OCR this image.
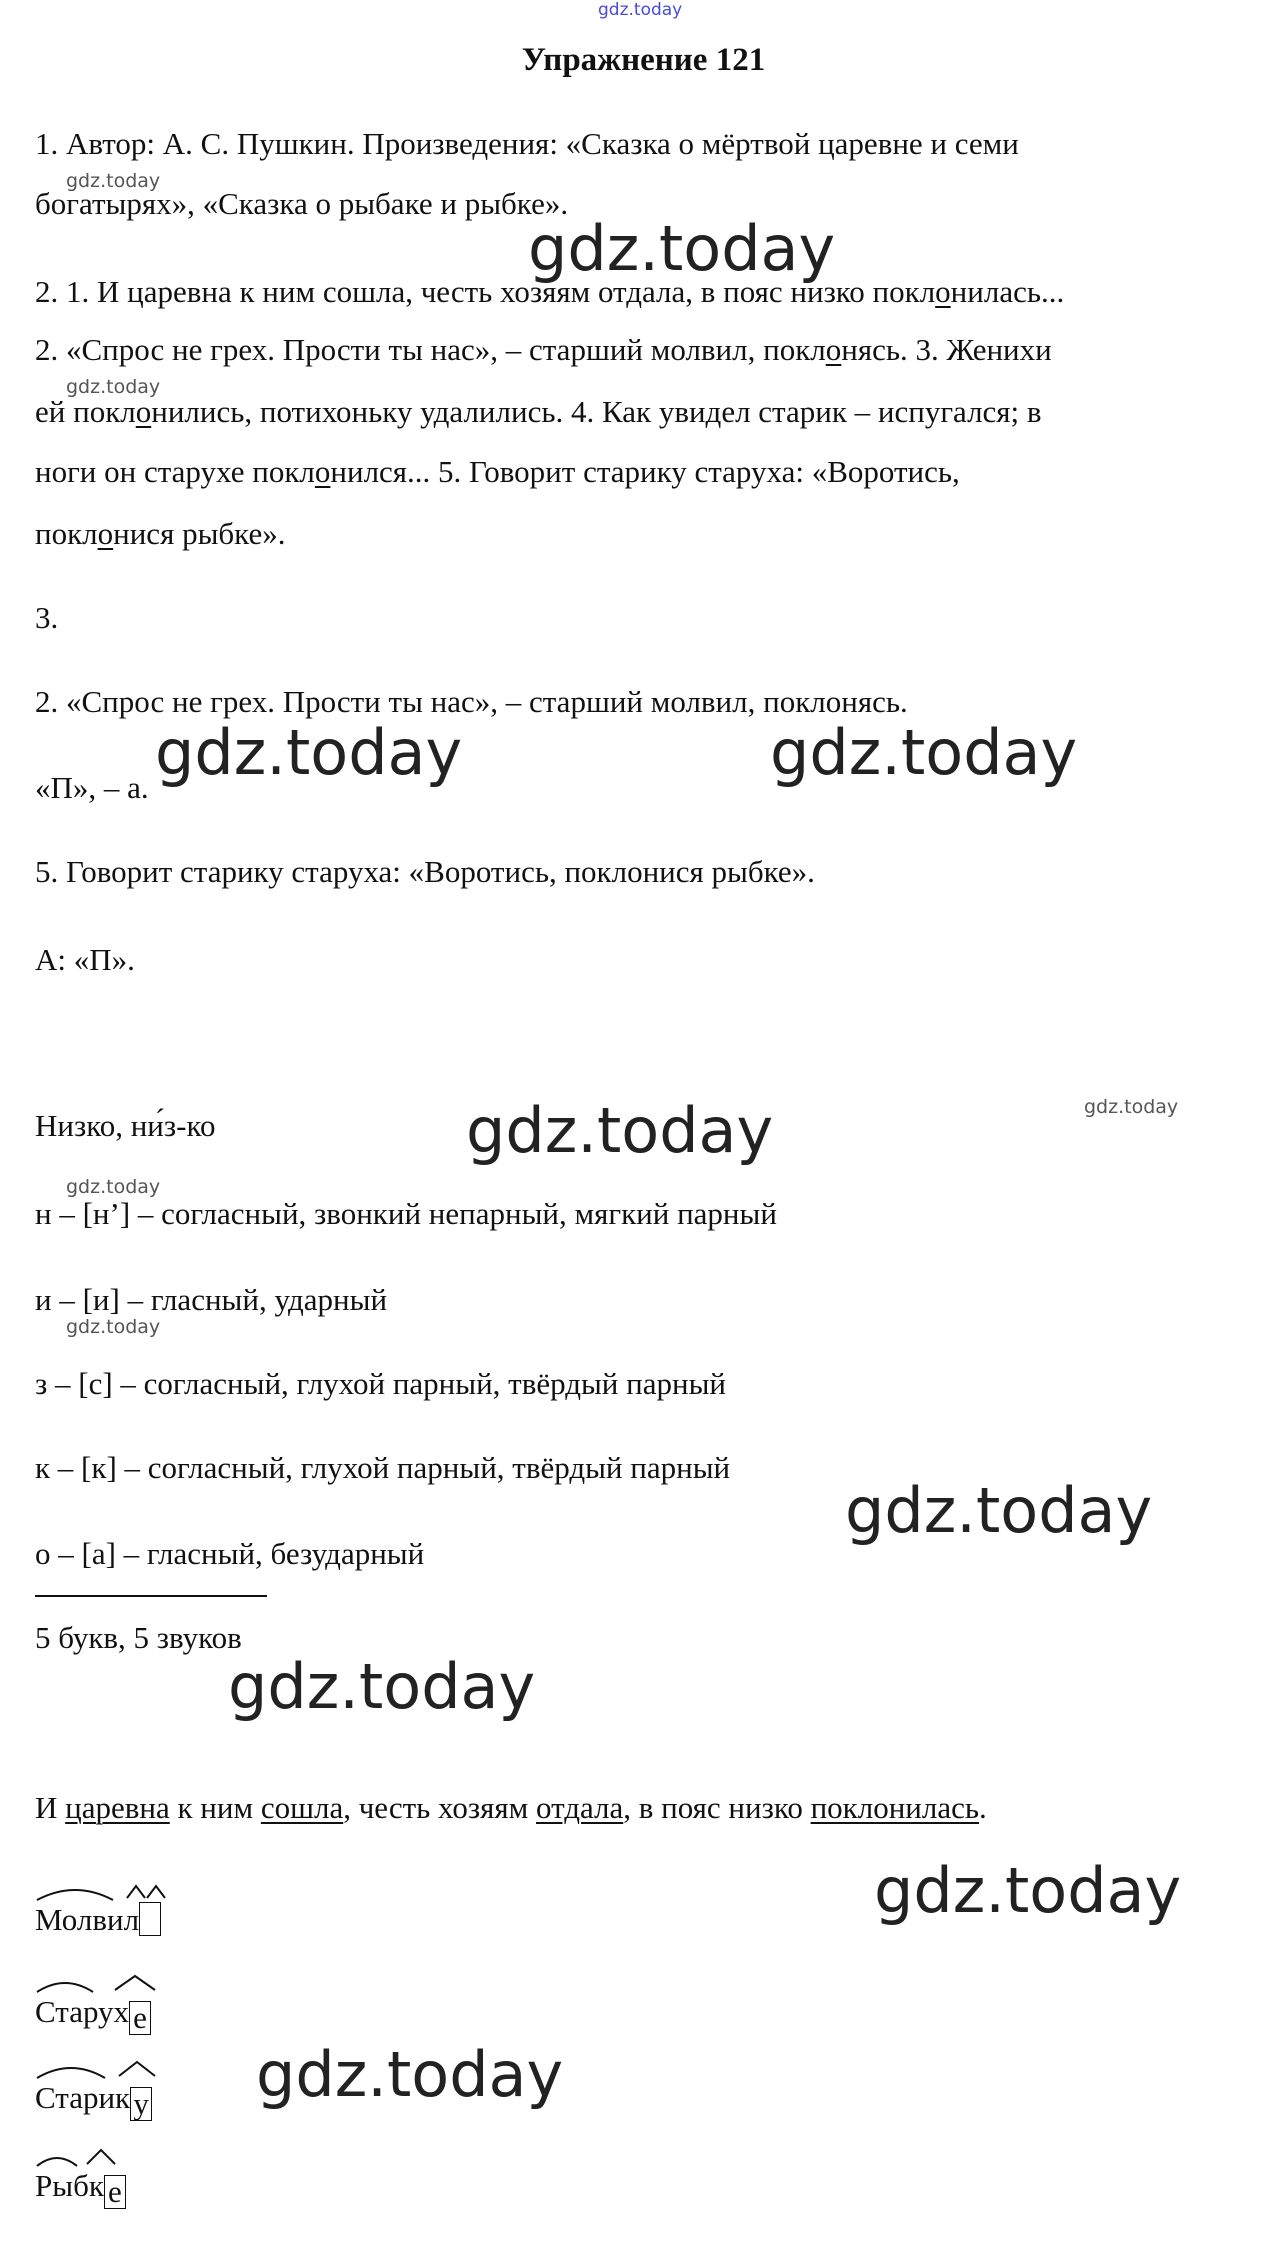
gdz.today
Упражнение 121
1. Автор: А. С. Пушкин. Произведения: «Сказка о мёртвой царевне и семи
богатырях», «Сказка о рыбаке и рыбке».
2. 1. И царевна к ним сошла, честь хозяям отдала, в пояс низко поклонилась...
2. «Спрос не грех. Прости ты нас», – старший молвил, поклонясь. 3. Женихи
ей поклонились, потихоньку удалились. 4. Как увидел старик – испугался; в
ноги он старухе поклонился... 5. Говорит старику старуха: «Воротись,
поклонися рыбке».
3.
2. «Спрос не грех. Прости ты нас», – старший молвил, поклонясь.
«П», – а.
5. Говорит старику старуха: «Воротись, поклонися рыбке».
А: «П».
Низко, ни́з-ко
н – [н’] – согласный, звонкий непарный, мягкий парный
и – [и] – гласный, ударный
з – [с] – согласный, глухой парный, твёрдый парный
к – [к] – согласный, глухой парный, твёрдый парный
о – [а] – гласный, безударный
5 букв, 5 звуков
И царевна к ним сошла, честь хозяям отдала, в пояс низко поклонилась.
Молвил
Старух е
Старик у
Рыбк е
gdz.today
gdz.today
gdz.today
gdz.today
gdz.today
gdz.today
gdz.today	gdz.today
gdz.today
gdz.today
gdz.today
gdz.today
gdz.today
